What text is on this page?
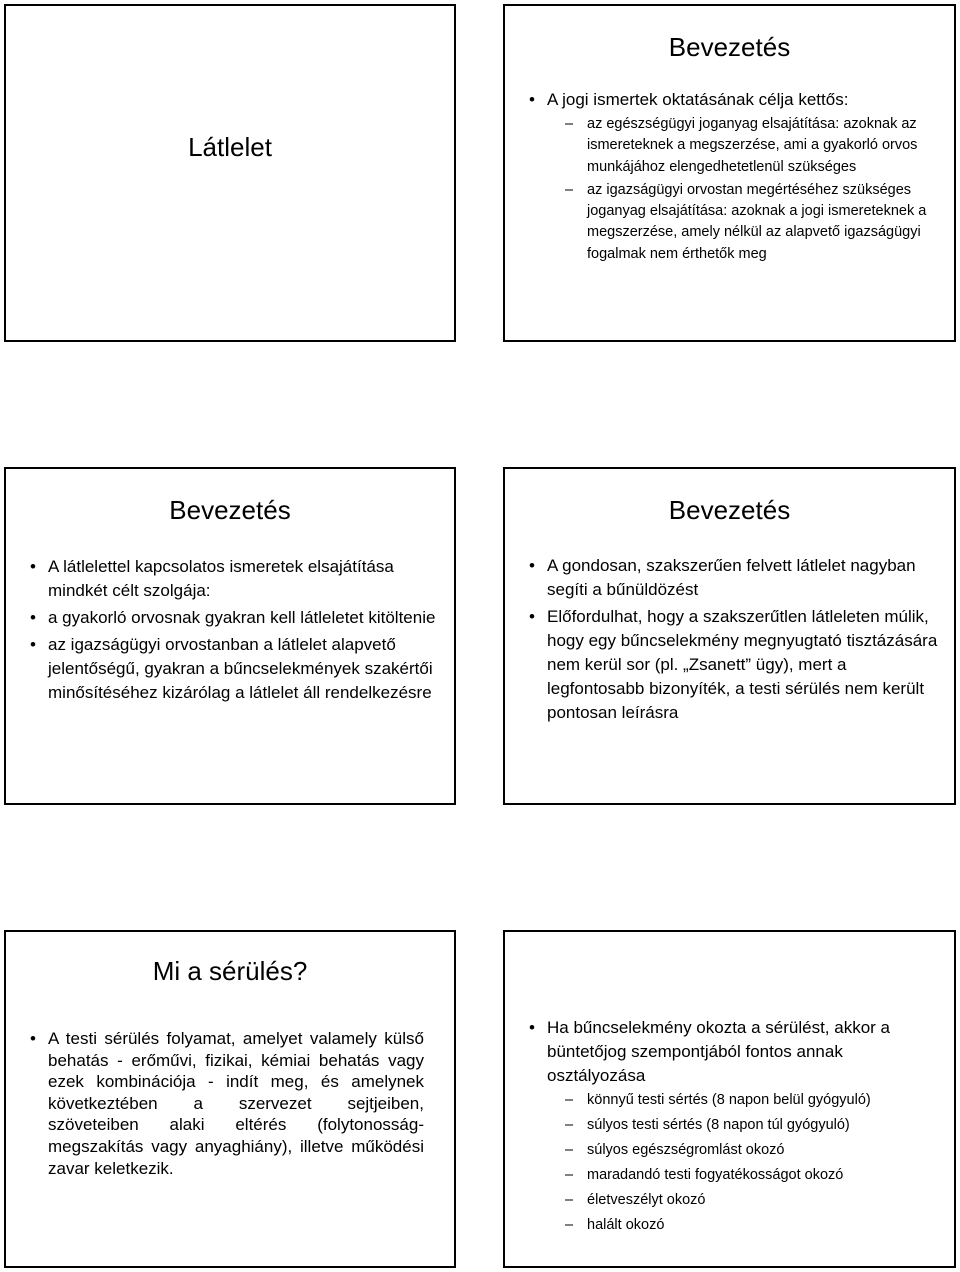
Látlelet
Bevezetés
• A jogi ismertek oktatásának célja kettős:
– az egészségügyi joganyag elsajátítása: azoknak az ismereteknek a megszerzése, ami a gyakorló orvos munkájához elengedhetetlenül szükséges
– az igazságügyi orvostan megértéséhez szükséges joganyag elsajátítása: azoknak a jogi ismereteknek a megszerzése, amely nélkül az alapvető igazságügyi fogalmak nem érthetők meg
Bevezetés
• A látlelettel kapcsolatos ismeretek elsajátítása mindkét célt szolgája:
• a gyakorló orvosnak gyakran kell látleletet kitöltenie
• az igazságügyi orvostanban a látlelet alapvető jelentőségű, gyakran a bűncselekmények szakértői minősítéséhez kizárólag a látlelet áll rendelkezésre
Bevezetés
• A gondosan, szakszerűen felvett látlelet nagyban segíti a bűnüldözést
• Előfordulhat, hogy a szakszerűtlen látleleten múlik, hogy egy bűncselekmény megnyugtató tisztázására nem kerül sor (pl. „Zsanett” ügy), mert a legfontosabb bizonyíték, a testi sérülés nem került pontosan leírásra
Mi a sérülés?
• A testi sérülés folyamat, amelyet valamely külső behatás - erőművi, fizikai, kémiai behatás vagy ezek kombinációja - indít meg, és amelynek következtében a szervezet sejtjeiben, szöveteiben alaki eltérés (folytonosság-megszakítás vagy anyaghiány), illetve működési zavar keletkezik.
• Ha bűncselekmény okozta a sérülést, akkor a büntetőjog szempontjából fontos annak osztályozása
– könnyű testi sértés (8 napon belül gyógyuló)
– súlyos testi sértés (8 napon túl gyógyuló)
– súlyos egészségromlást okozó
– maradandó testi fogyatékosságot okozó
– életveszélyt okozó
– halált okozó
